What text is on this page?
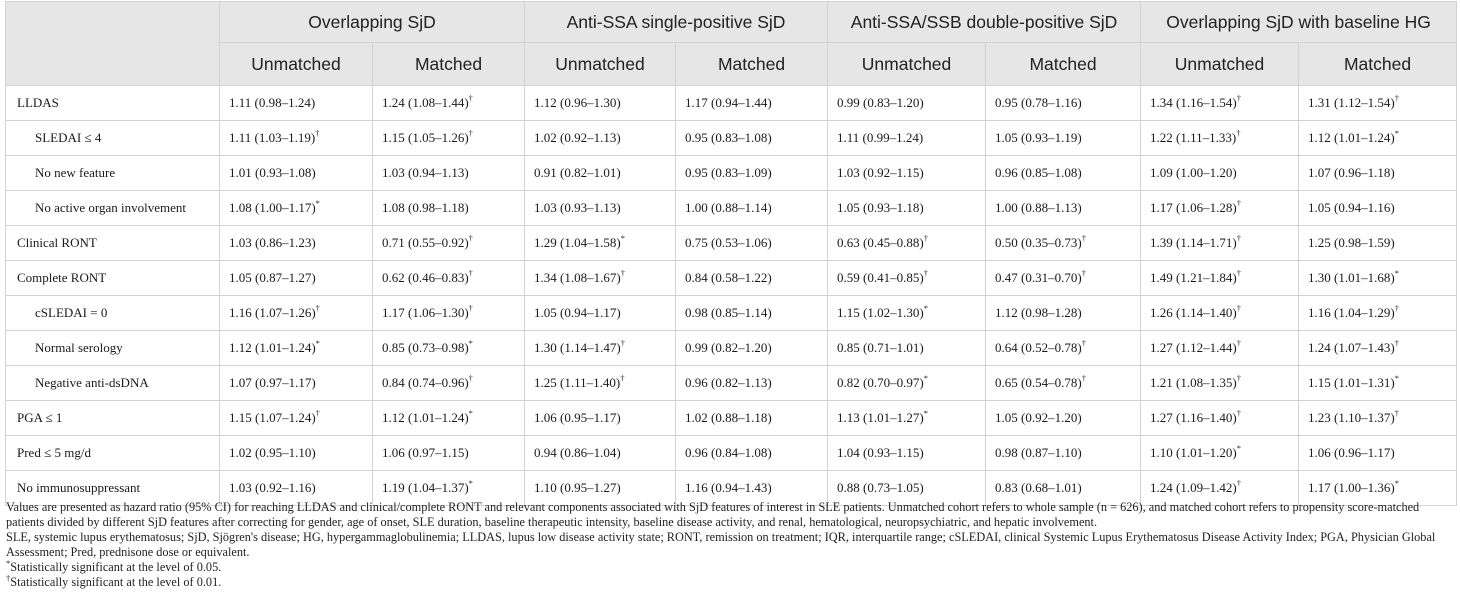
	Overlapping SjD		Anti-SSA single-positive SjD		Anti-SSA/SSB double-positive SjD		Overlapping SjD with baseline HG	
	Unmatched	Matched	Unmatched	Matched	Unmatched	Matched	Unmatched	Matched
LLDAS	1.11 (0.98–1.24)	1.24 (1.08–1.44)†	1.12 (0.96–1.30)	1.17 (0.94–1.44)	0.99 (0.83–1.20)	0.95 (0.78–1.16)	1.34 (1.16–1.54)†	1.31 (1.12–1.54)†
SLEDAI ≤ 4	1.11 (1.03–1.19)†	1.15 (1.05–1.26)†	1.02 (0.92–1.13)	0.95 (0.83–1.08)	1.11 (0.99–1.24)	1.05 (0.93–1.19)	1.22 (1.11–1.33)†	1.12 (1.01–1.24)*
No new feature	1.01 (0.93–1.08)	1.03 (0.94–1.13)	0.91 (0.82–1.01)	0.95 (0.83–1.09)	1.03 (0.92–1.15)	0.96 (0.85–1.08)	1.09 (1.00–1.20)	1.07 (0.96–1.18)
No active organ involvement	1.08 (1.00–1.17)*	1.08 (0.98–1.18)	1.03 (0.93–1.13)	1.00 (0.88–1.14)	1.05 (0.93–1.18)	1.00 (0.88–1.13)	1.17 (1.06–1.28)†	1.05 (0.94–1.16)
Clinical RONT	1.03 (0.86–1.23)	0.71 (0.55–0.92)†	1.29 (1.04–1.58)*	0.75 (0.53–1.06)	0.63 (0.45–0.88)†	0.50 (0.35–0.73)†	1.39 (1.14–1.71)†	1.25 (0.98–1.59)
Complete RONT	1.05 (0.87–1.27)	0.62 (0.46–0.83)†	1.34 (1.08–1.67)†	0.84 (0.58–1.22)	0.59 (0.41–0.85)†	0.47 (0.31–0.70)†	1.49 (1.21–1.84)†	1.30 (1.01–1.68)*
cSLEDAI = 0	1.16 (1.07–1.26)†	1.17 (1.06–1.30)†	1.05 (0.94–1.17)	0.98 (0.85–1.14)	1.15 (1.02–1.30)*	1.12 (0.98–1.28)	1.26 (1.14–1.40)†	1.16 (1.04–1.29)†
Normal serology	1.12 (1.01–1.24)*	0.85 (0.73–0.98)*	1.30 (1.14–1.47)†	0.99 (0.82–1.20)	0.85 (0.71–1.01)	0.64 (0.52–0.78)†	1.27 (1.12–1.44)†	1.24 (1.07–1.43)†
Negative anti-dsDNA	1.07 (0.97–1.17)	0.84 (0.74–0.96)†	1.25 (1.11–1.40)†	0.96 (0.82–1.13)	0.82 (0.70–0.97)*	0.65 (0.54–0.78)†	1.21 (1.08–1.35)†	1.15 (1.01–1.31)*
PGA ≤ 1	1.15 (1.07–1.24)†	1.12 (1.01–1.24)*	1.06 (0.95–1.17)	1.02 (0.88–1.18)	1.13 (1.01–1.27)*	1.05 (0.92–1.20)	1.27 (1.16–1.40)†	1.23 (1.10–1.37)†
Pred ≤ 5 mg/d	1.02 (0.95–1.10)	1.06 (0.97–1.15)	0.94 (0.86–1.04)	0.96 (0.84–1.08)	1.04 (0.93–1.15)	0.98 (0.87–1.10)	1.10 (1.01–1.20)*	1.06 (0.96–1.17)
No immunosuppressant	1.03 (0.92–1.16)	1.19 (1.04–1.37)*	1.10 (0.95–1.27)	1.16 (0.94–1.43)	0.88 (0.73–1.05)	0.83 (0.68–1.01)	1.24 (1.09–1.42)†	1.17 (1.00–1.36)*

Values are presented as hazard ratio (95% CI) for reaching LLDAS and clinical/complete RONT and relevant components associated with SjD features of interest in SLE patients. Unmatched cohort refers to whole sample (n = 626), and matched cohort refers to propensity score-matched patients divided by different SjD features after correcting for gender, age of onset, SLE duration, baseline therapeutic intensity, baseline disease activity, and renal, hematological, neuropsychiatric, and hepatic involvement.

SLE, systemic lupus erythematosus; SjD, Sjögren's disease; HG, hypergammaglobulinemia; LLDAS, lupus low disease activity state; RONT, remission on treatment; IQR, interquartile range; cSLEDAI, clinical Systemic Lupus Erythematosus Disease Activity Index; PGA, Physician Global Assessment; Pred, prednisone dose or equivalent.

*Statistically significant at the level of 0.05.

†Statistically significant at the level of 0.01.
